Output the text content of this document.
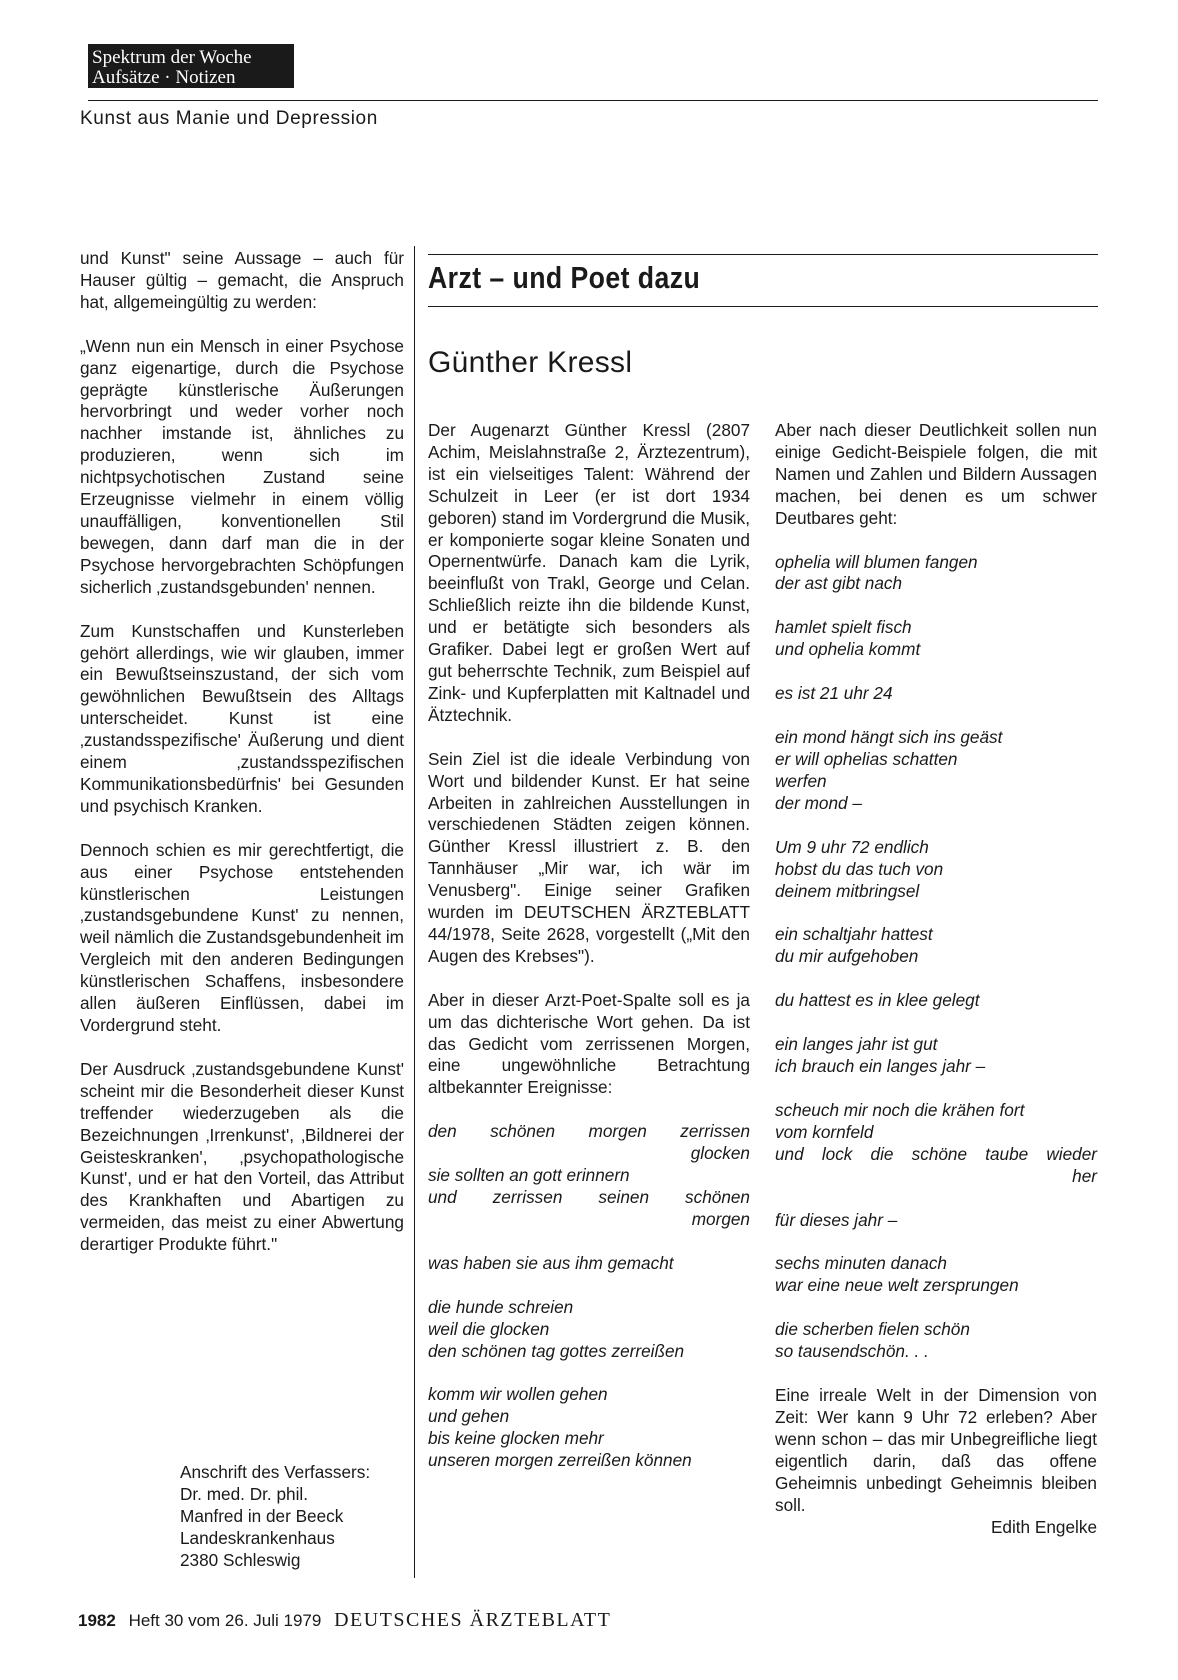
Spektrum der Woche
Aufsätze · Notizen
Kunst aus Manie und Depression

und Kunst" seine Aussage – auch für Hauser gültig – gemacht, die Anspruch hat, allgemeingültig zu werden:

„Wenn nun ein Mensch in einer Psychose ganz eigenartige, durch die Psychose geprägte künstlerische Äußerungen hervorbringt und weder vorher noch nachher imstande ist, ähnliches zu produzieren, wenn sich im nichtpsychotischen Zustand seine Erzeugnisse vielmehr in einem völlig unauffälligen, konventionellen Stil bewegen, dann darf man die in der Psychose hervorgebrachten Schöpfungen sicherlich ‚zustandsgebunden' nennen.

Zum Kunstschaffen und Kunsterleben gehört allerdings, wie wir glauben, immer ein Bewußtseinszustand, der sich vom gewöhnlichen Bewußtsein des Alltags unterscheidet. Kunst ist eine ‚zustandsspezifische' Äußerung und dient einem ‚zustandsspezifischen Kommunikationsbedürfnis' bei Gesunden und psychisch Kranken.

Dennoch schien es mir gerechtfertigt, die aus einer Psychose entstehenden künstlerischen Leistungen ‚zustandsgebundene Kunst' zu nennen, weil nämlich die Zustandsgebundenheit im Vergleich mit den anderen Bedingungen künstlerischen Schaffens, insbesondere allen äußeren Einflüssen, dabei im Vordergrund steht.

Der Ausdruck ‚zustandsgebundene Kunst' scheint mir die Besonderheit dieser Kunst treffender wiederzugeben als die Bezeichnungen ‚Irrenkunst', ‚Bildnerei der Geisteskranken', ‚psychopathologische Kunst', und er hat den Vorteil, das Attribut des Krankhaften und Abartigen zu vermeiden, das meist zu einer Abwertung derartiger Produkte führt."

Anschrift des Verfassers:
Dr. med. Dr. phil.
Manfred in der Beeck
Landeskrankenhaus
2380 Schleswig
Arzt – und Poet dazu
Günther Kressl

Der Augenarzt Günther Kressl (2807 Achim, Meislahnstraße 2, Ärztezentrum), ist ein vielseitiges Talent: Während der Schulzeit in Leer (er ist dort 1934 geboren) stand im Vordergrund die Musik, er komponierte sogar kleine Sonaten und Opernentwürfe. Danach kam die Lyrik, beeinflußt von Trakl, George und Celan. Schließlich reizte ihn die bildende Kunst, und er betätigte sich besonders als Grafiker. Dabei legt er großen Wert auf gut beherrschte Technik, zum Beispiel auf Zink- und Kupferplatten mit Kaltnadel und Ätztechnik.

Sein Ziel ist die ideale Verbindung von Wort und bildender Kunst. Er hat seine Arbeiten in zahlreichen Ausstellungen in verschiedenen Städten zeigen können. Günther Kressl illustriert z. B. den Tannhäuser „Mir war, ich wär im Venusberg". Einige seiner Grafiken wurden im DEUTSCHEN ÄRZTEBLATT 44/1978, Seite 2628, vorgestellt („Mit den Augen des Krebses").

Aber in dieser Arzt-Poet-Spalte soll es ja um das dichterische Wort gehen. Da ist das Gedicht vom zerrissenen Morgen, eine ungewöhnliche Betrachtung altbekannter Ereignisse:

den schönen morgen zerrissen
glocken
sie sollten an gott erinnern
und zerrissen seinen schönen
morgen
was haben sie aus ihm gemacht
die hunde schreien
weil die glocken
den schönen tag gottes zerreißen
komm wir wollen gehen
und gehen
bis keine glocken mehr
unseren morgen zerreißen können

Aber nach dieser Deutlichkeit sollen nun einige Gedicht-Beispiele folgen, die mit Namen und Zahlen und Bildern Aussagen machen, bei denen es um schwer Deutbares geht:

ophelia will blumen fangen
der ast gibt nach
hamlet spielt fisch
und ophelia kommt
es ist 21 uhr 24
ein mond hängt sich ins geäst
er will ophelias schatten
werfen
der mond –
Um 9 uhr 72 endlich
hobst du das tuch von
deinem mitbringsel
ein schaltjahr hattest
du mir aufgehoben
du hattest es in klee gelegt
ein langes jahr ist gut
ich brauch ein langes jahr –
scheuch mir noch die krähen fort
vom kornfeld
und lock die schöne taube wieder
her
für dieses jahr –
sechs minuten danach
war eine neue welt zersprungen
die scherben fielen schön
so tausendschön. . .
Eine irreale Welt in der Dimension von Zeit: Wer kann 9 Uhr 72 erleben? Aber wenn schon – das mir Unbegreifliche liegt eigentlich darin, daß das offene Geheimnis unbedingt Geheimnis bleiben soll.
Edith Engelke
1982 Heft 30 vom 26. Juli 1979 DEUTSCHES ÄRZTEBLATT
